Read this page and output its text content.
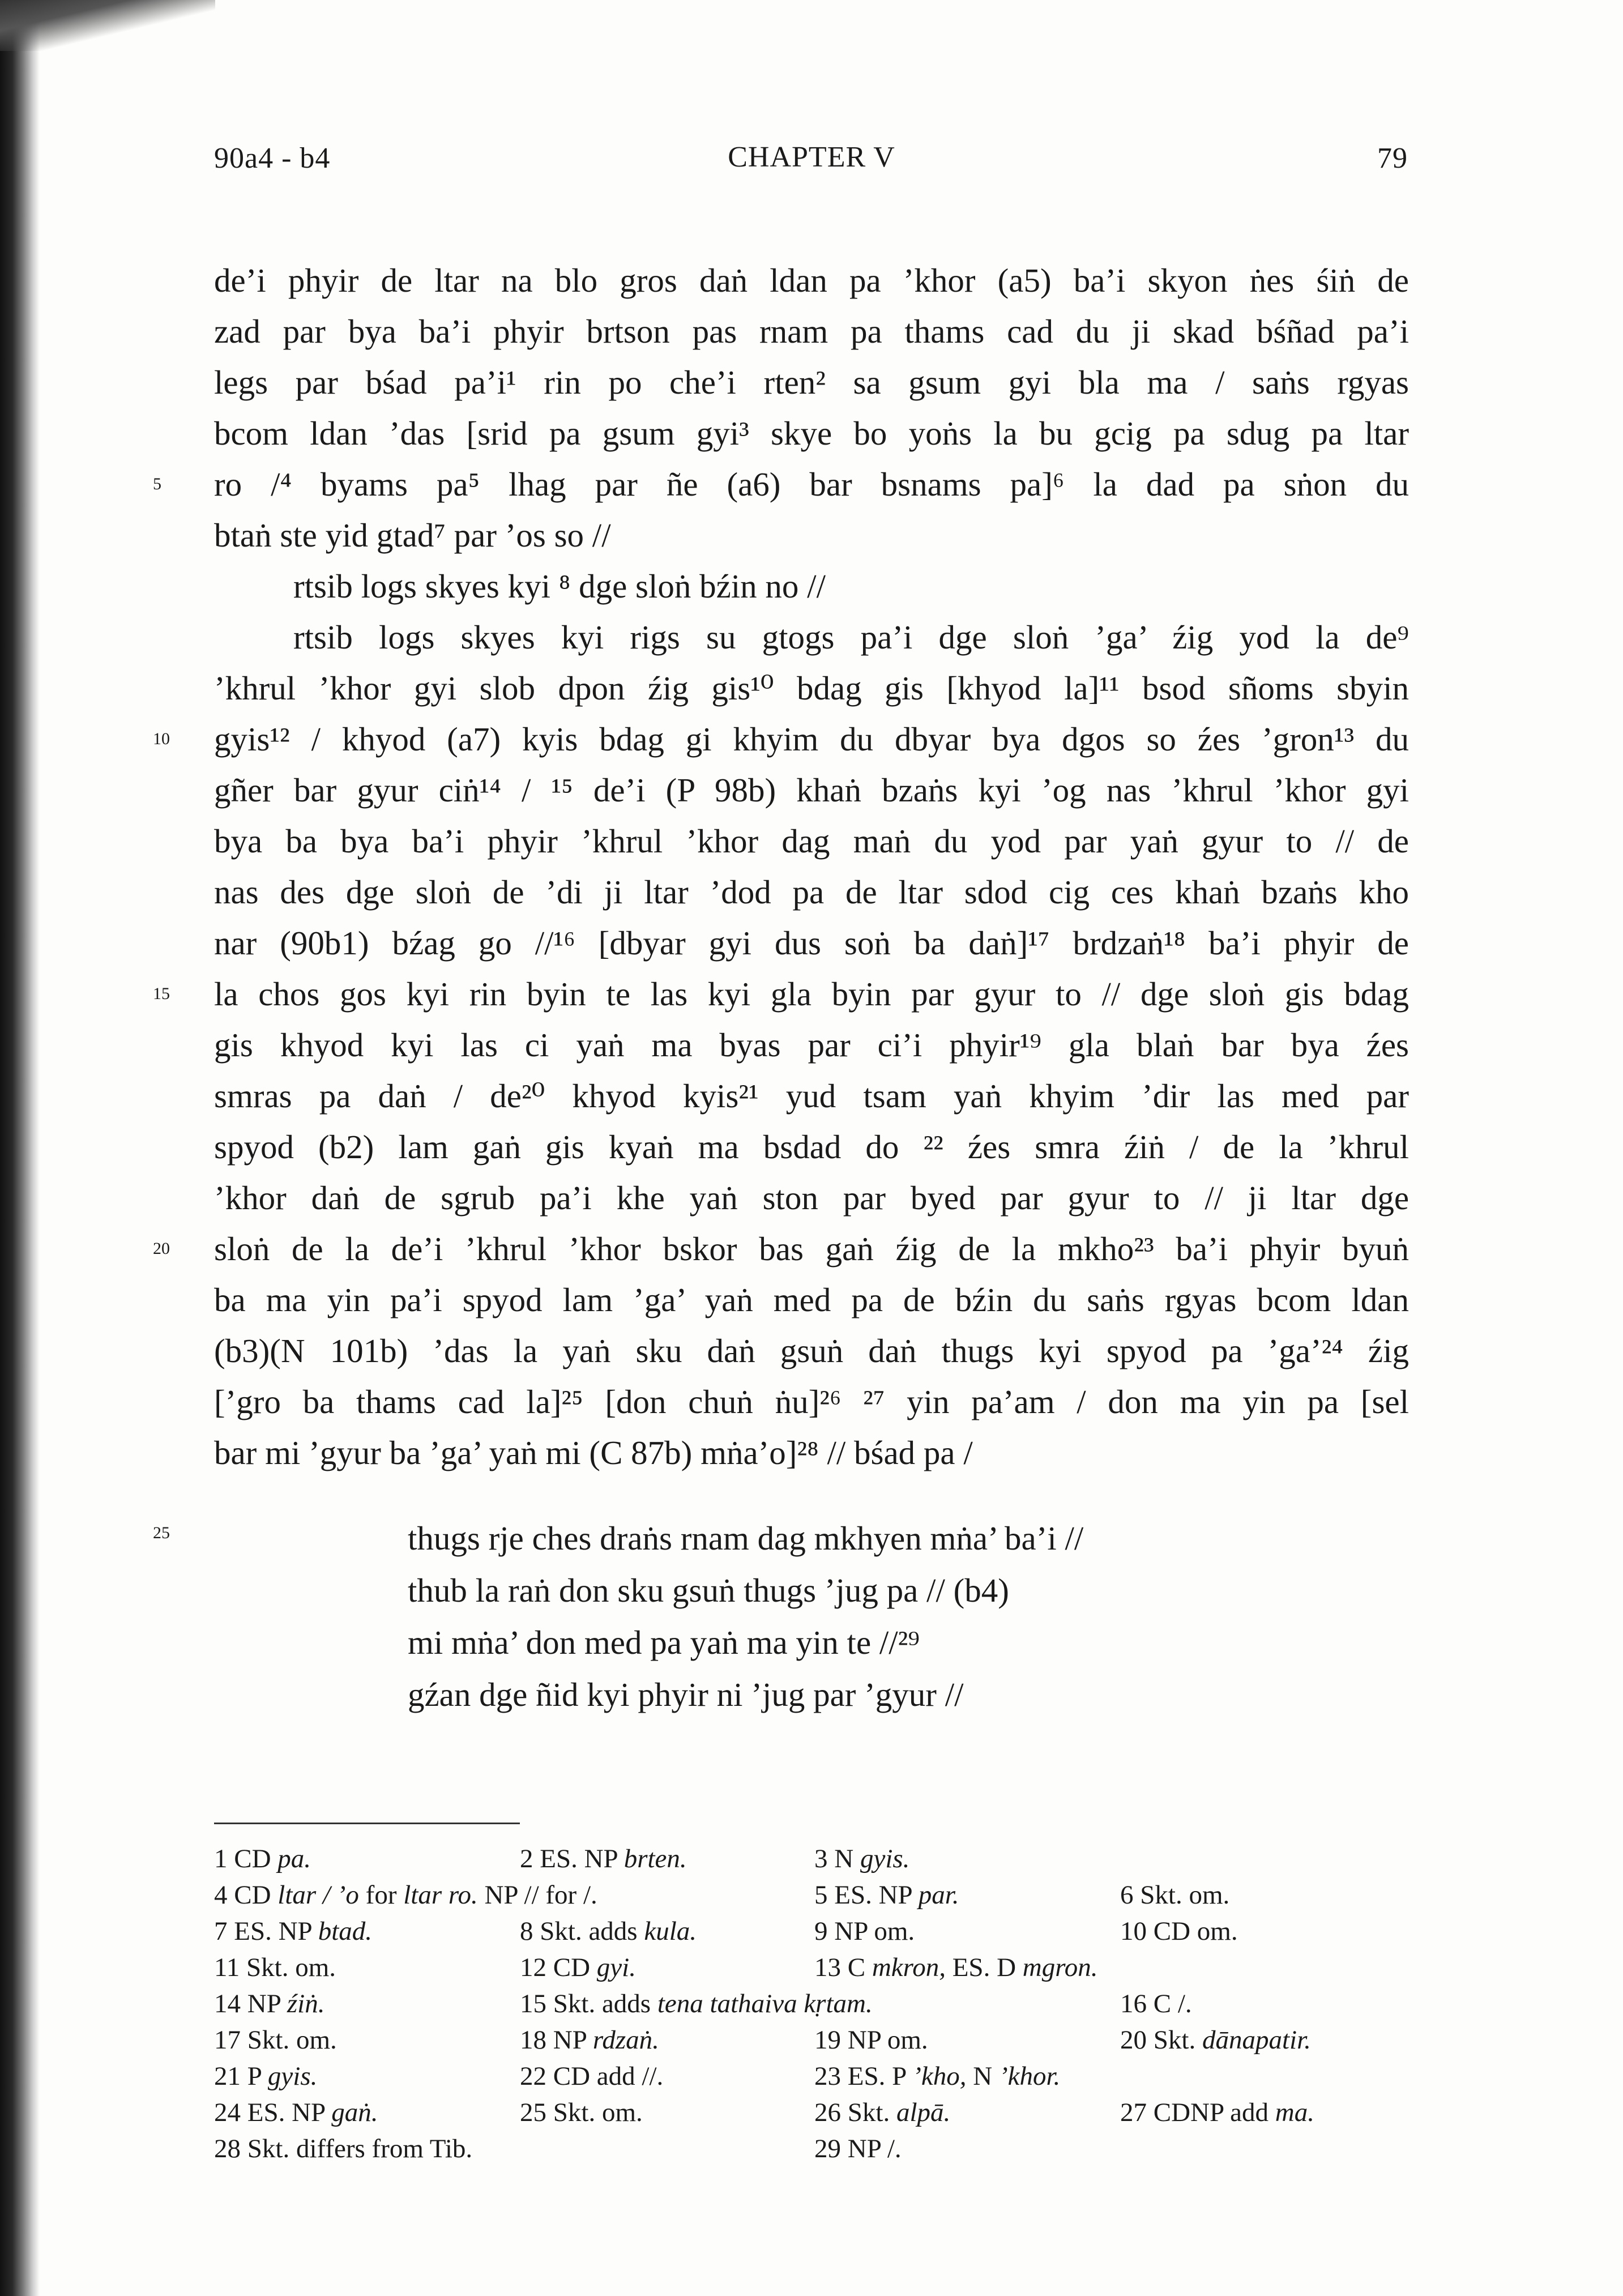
90a4 - b4	CHAPTER V	79
de’i phyir de ltar na blo gros daṅ ldan pa ’khor (a5) ba’i skyon ṅes śiṅ de
zad par bya ba’i phyir brtson pas rnam pa thams cad du ji skad bśñad pa’i
legs par bśad pa’i¹ rin po che’i rten² sa gsum gyi bla ma / saṅs rgyas
bcom ldan ’das [srid pa gsum gyi³ skye bo yoṅs la bu gcig pa sdug pa ltar
ro /⁴ byams pa⁵ lhag par ñe (a6) bar bsnams pa]⁶ la dad pa sṅon du
btaṅ ste yid gtad⁷ par ’os so //
rtsib logs skyes kyi ⁸ dge sloṅ bźin no //
rtsib logs skyes kyi rigs su gtogs pa’i dge sloṅ ’ga’ źig yod la de⁹
’khrul ’khor gyi slob dpon źig gis¹⁰ bdag gis [khyod la]¹¹ bsod sñoms sbyin
gyis¹² / khyod (a7) kyis bdag gi khyim du dbyar bya dgos so źes ’gron¹³ du
gñer bar gyur ciṅ¹⁴ / ¹⁵ de’i (P 98b) khaṅ bzaṅs kyi ’og nas ’khrul ’khor gyi
bya ba bya ba’i phyir ’khrul ’khor dag maṅ du yod par yaṅ gyur to // de
nas des dge sloṅ de ’di ji ltar ’dod pa de ltar sdod cig ces khaṅ bzaṅs kho
nar (90b1) bźag go //¹⁶ [dbyar gyi dus soṅ ba daṅ]¹⁷ brdzaṅ¹⁸ ba’i phyir de
la chos gos kyi rin byin te las kyi gla byin par gyur to // dge sloṅ gis bdag
gis khyod kyi las ci yaṅ ma byas par ci’i phyir¹⁹ gla blaṅ bar bya źes
smras pa daṅ / de²⁰ khyod kyis²¹ yud tsam yaṅ khyim ’dir las med par
spyod (b2) lam gaṅ gis kyaṅ ma bsdad do ²² źes smra źiṅ / de la ’khrul
’khor daṅ de sgrub pa’i khe yaṅ ston par byed par gyur to // ji ltar dge
sloṅ de la de’i ’khrul ’khor bskor bas gaṅ źig de la mkho²³ ba’i phyir byuṅ
ba ma yin pa’i spyod lam ’ga’ yaṅ med pa de bźin du saṅs rgyas bcom ldan
(b3)(N 101b) ’das la yaṅ sku daṅ gsuṅ daṅ thugs kyi spyod pa ’ga’²⁴ źig
[’gro ba thams cad la]²⁵ [don chuṅ ṅu]²⁶ ²⁷ yin pa’am / don ma yin pa [sel
bar mi ’gyur ba ’ga’ yaṅ mi (C 87b) mṅa’o]²⁸ // bśad pa /
5
10
15
20
25	thugs rje ches draṅs rnam dag mkhyen mṅa’ ba’i //
thub la raṅ don sku gsuṅ thugs ’jug pa // (b4)
mi mṅa’ don med pa yaṅ ma yin te //²⁹
gźan dge ñid kyi phyir ni ’jug par ’gyur //
1 CD pa.	2 ES. NP brten.	3 N gyis.
4 CD ltar / ’o for ltar ro. NP // for /.	5 ES. NP par.	6 Skt. om.
7 ES. NP btad.	8 Skt. adds kula.	9 NP om.	10 CD om.
11 Skt. om.	12 CD gyi.	13 C mkron, ES. D mgron.
14 NP źiṅ.	15 Skt. adds tena tathaiva kṛtam.	16 C /.
17 Skt. om.	18 NP rdzaṅ.	19 NP om.	20 Skt. dānapatir.
21 P gyis.	22 CD add //.	23 ES. P ’kho, N ’khor.
24 ES. NP gaṅ.	25 Skt. om.	26 Skt. alpā.	27 CDNP add ma.
28 Skt. differs from Tib.	29 NP /.
